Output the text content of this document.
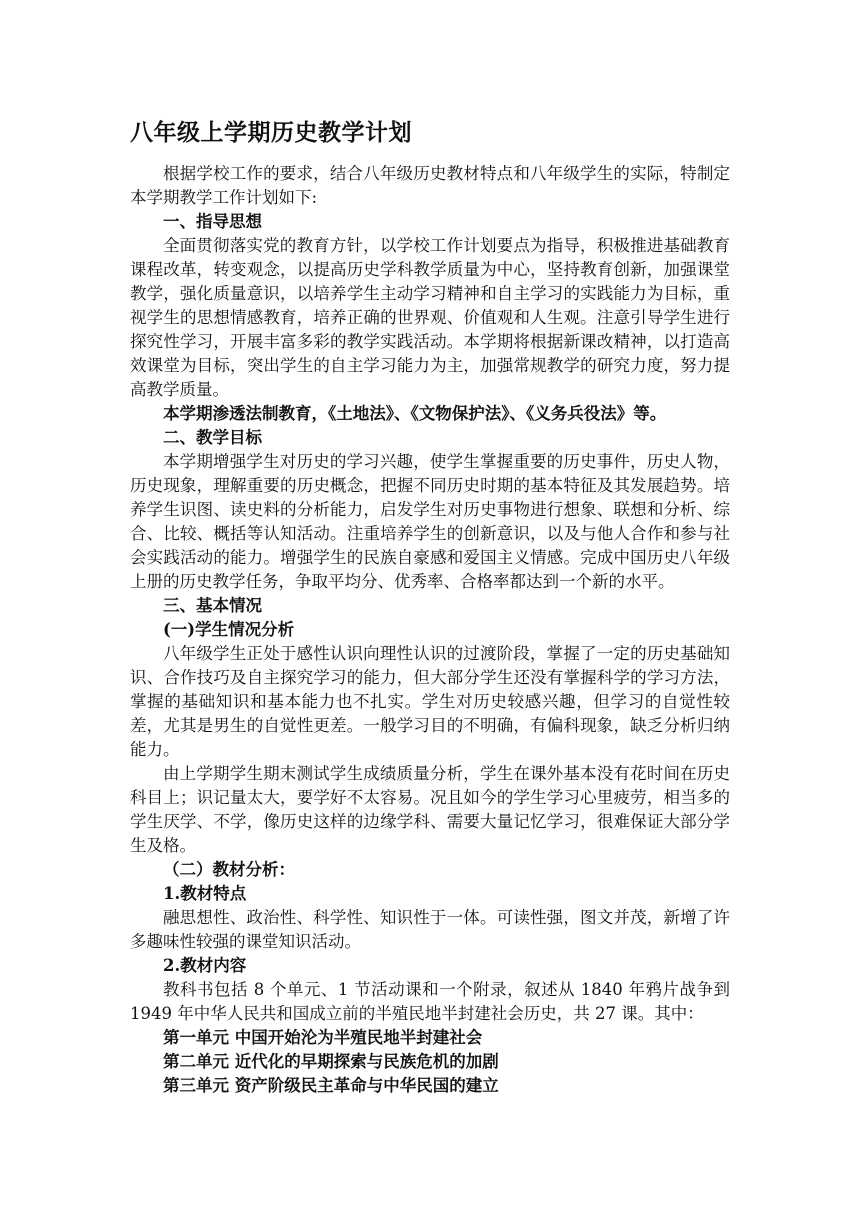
八年级上学期历史教学计划

根据学校工作的要求，结合八年级历史教材特点和八年级学生的实际，特制定本学期教学工作计划如下:

一、指导思想

全面贯彻落实党的教育方针，以学校工作计划要点为指导，积极推进基础教育课程改革，转变观念，以提高历史学科教学质量为中心，坚持教育创新，加强课堂教学，强化质量意识，以培养学生主动学习精神和自主学习的实践能力为目标，重视学生的思想情感教育，培养正确的世界观、价值观和人生观。注意引导学生进行探究性学习，开展丰富多彩的教学实践活动。本学期将根据新课改精神，以打造高效课堂为目标，突出学生的自主学习能力为主，加强常规教学的研究力度，努力提高教学质量。

本学期渗透法制教育，《土地法》、《文物保护法》、《义务兵役法》等。

二、教学目标

本学期增强学生对历史的学习兴趣，使学生掌握重要的历史事件，历史人物，历史现象，理解重要的历史概念，把握不同历史时期的基本特征及其发展趋势。培养学生识图、读史料的分析能力，启发学生对历史事物进行想象、联想和分析、综合、比较、概括等认知活动。注重培养学生的创新意识，以及与他人合作和参与社会实践活动的能力。增强学生的民族自豪感和爱国主义情感。完成中国历史八年级上册的历史教学任务，争取平均分、优秀率、合格率都达到一个新的水平。

三、基本情况

(一)学生情况分析

八年级学生正处于感性认识向理性认识的过渡阶段，掌握了一定的历史基础知识、合作技巧及自主探究学习的能力，但大部分学生还没有掌握科学的学习方法，掌握的基础知识和基本能力也不扎实。学生对历史较感兴趣，但学习的自觉性较差，尤其是男生的自觉性更差。一般学习目的不明确，有偏科现象，缺乏分析归纳能力。

由上学期学生期末测试学生成绩质量分析，学生在课外基本没有花时间在历史科目上；识记量太大，要学好不太容易。况且如今的学生学习心里疲劳，相当多的学生厌学、不学，像历史这样的边缘学科、需要大量记忆学习，很难保证大部分学生及格。

（二）教材分析：

1.教材特点

融思想性、政治性、科学性、知识性于一体。可读性强，图文并茂，新增了许多趣味性较强的课堂知识活动。

2.教材内容

教科书包括 8 个单元、1 节活动课和一个附录，叙述从 1840 年鸦片战争到 1949 年中华人民共和国成立前的半殖民地半封建社会历史，共 27 课。其中：

第一单元 中国开始沦为半殖民地半封建社会

第二单元 近代化的早期探索与民族危机的加剧

第三单元 资产阶级民主革命与中华民国的建立
